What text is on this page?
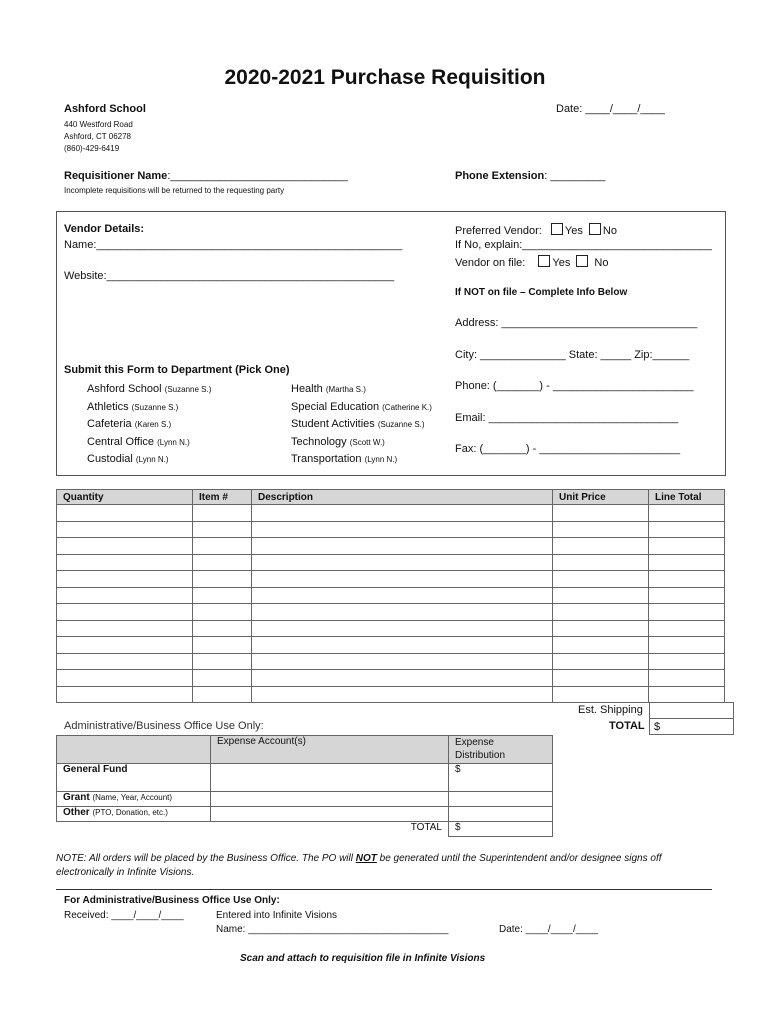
2020-2021 Purchase Requisition
Ashford School
440 Westford Road
Ashford, CT 06278
(860)-429-6419
Date: ____/____/____
Requisitioner Name:_____________________________
Incomplete requisitions will be returned to the requesting party
Phone Extension: _________
Vendor Details:
Name:__________________________________________________
Website:_______________________________________________
Preferred Vendor: Yes No
If No, explain:_______________________________
Vendor on file: Yes No
If NOT on file – Complete Info Below
Address: ________________________________
City: ______________ State: _____ Zip:______
Phone: (_______) - _______________________
Email: _______________________________
Fax: (_______) - _______________________
Submit this Form to Department (Pick One)
Ashford School (Suzanne S.)
Athletics (Suzanne S.)
Cafeteria (Karen S.)
Central Office (Lynn N.)
Custodial (Lynn N.)
Health (Martha S.)
Special Education (Catherine K.)
Student Activities (Suzanne S.)
Technology (Scott W.)
Transportation (Lynn N.)
Quantity	Item #	Description	Unit Price	Line Total

Est. Shipping
TOTAL $
Administrative/Business Office Use Only:
	Expense Account(s)	Expense Distribution
General Fund		$
Grant (Name, Year, Account)		
Other (PTO, Donation, etc.)		
	TOTAL	$
NOTE: All orders will be placed by the Business Office. The PO will NOT be generated until the Superintendent and/or designee signs off
electronically in Infinite Visions.
For Administrative/Business Office Use Only:
Received: ____/____/____	Entered into Infinite Visions
Name: ____________________________________	Date: ____/____/____
Scan and attach to requisition file in Infinite Visions
